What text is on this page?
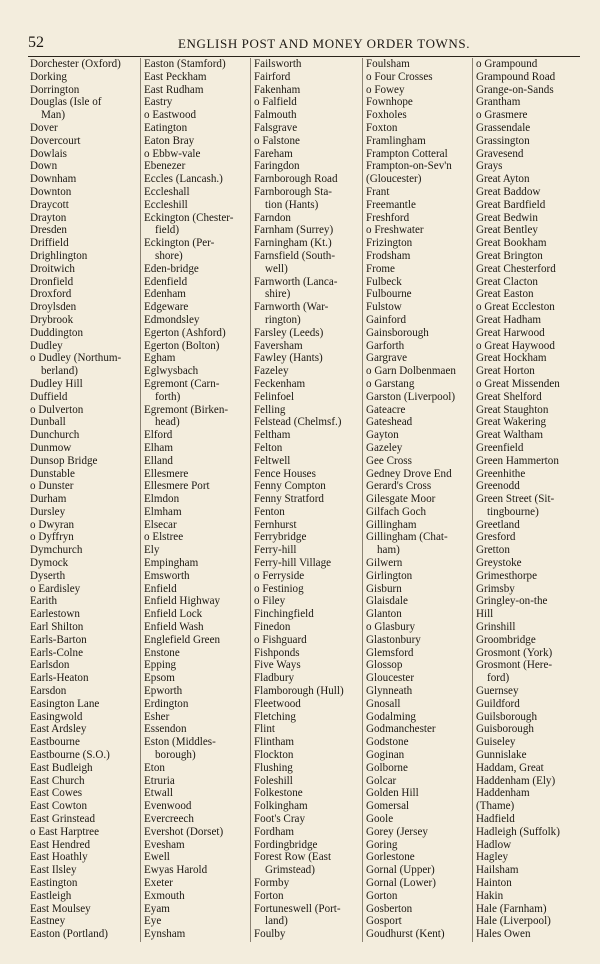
52	ENGLISH POST AND MONEY ORDER TOWNS.
Dorchester (Oxford)
Dorking
Dorrington
Douglas (Isle of
Man)
Dover
Dovercourt
Dowlais
Down
Downham
Downton
Draycott
Drayton
Dresden
Driffield
Drighlington
Droitwich
Dronfield
Droxford
Droylsden
Drybrook
Duddington
Dudley
o Dudley (Northum-
berland)
Dudley Hill
Duffield
o Dulverton
Dunball
Dunchurch
Dunmow
Dunsop Bridge
Dunstable
o Dunster
Durham
Dursley
o Dwyran
o Dyffryn
Dymchurch
Dymock
Dyserth
o Eardisley
Earith
Earlestown
Earl Shilton
Earls-Barton
Earls-Colne
Earlsdon
Earls-Heaton
Earsdon
Easington Lane
Easingwold
East Ardsley
Eastbourne
Eastbourne (S.O.)
East Budleigh
East Church
East Cowes
East Cowton
East Grinstead
o East Harptree
East Hendred
East Hoathly
East Ilsley
Eastington
Eastleigh
East Moulsey
Eastney
Easton (Portland)
Easton (Stamford)
East Peckham
East Rudham
Eastry
o Eastwood
Eatington
Eaton Bray
o Ebbw-vale
Ebenezer
Eccles (Lancash.)
Eccleshall
Eccleshill
Eckington (Chester-
field)
Eckington (Per-
shore)
Eden-bridge
Edenfield
Edenham
Edgeware
Edmondsley
Egerton (Ashford)
Egerton (Bolton)
Egham
Eglwysbach
Egremont (Carn-
forth)
Egremont (Birken-
head)
Elford
Elham
Elland
Ellesmere
Ellesmere Port
Elmdon
Elmham
Elsecar
o Elstree
Ely
Empingham
Emsworth
Enfield
Enfield Highway
Enfield Lock
Enfield Wash
Englefield Green
Enstone
Epping
Epsom
Epworth
Erdington
Esher
Essendon
Eston (Middles-
borough)
Eton
Etruria
Etwall
Evenwood
Evercreech
Evershot (Dorset)
Evesham
Ewell
Ewyas Harold
Exeter
Exmouth
Eyam
Eye
Eynsham
Failsworth
Fairford
Fakenham
o Falfield
Falmouth
Falsgrave
o Falstone
Fareham
Faringdon
Farnborough Road
Farnborough Sta-
tion (Hants)
Farndon
Farnham (Surrey)
Farningham (Kt.)
Farnsfield (South-
well)
Farnworth (Lanca-
shire)
Farnworth (War-
rington)
Farsley (Leeds)
Faversham
Fawley (Hants)
Fazeley
Feckenham
Felinfoel
Felling
Felstead (Chelmsf.)
Feltham
Felton
Feltwell
Fence Houses
Fenny Compton
Fenny Stratford
Fenton
Fernhurst
Ferrybridge
Ferry-hill
Ferry-hill Village
o Ferryside
o Festiniog
o Filey
Finchingfield
Finedon
o Fishguard
Fishponds
Five Ways
Fladbury
Flamborough (Hull)
Fleetwood
Fletching
Flint
Flintham
Flockton
Flushing
Foleshill
Folkestone
Folkingham
Foot's Cray
Fordham
Fordingbridge
Forest Row (East
Grimstead)
Formby
Forton
Fortuneswell (Port-
land)
Foulby
Foulsham
o Four Crosses
o Fowey
Fownhope
Foxholes
Foxton
Framlingham
Frampton Cotteral
Frampton-on-Sev'n
(Gloucester)
Frant
Freemantle
Freshford
o Freshwater
Frizington
Frodsham
Frome
Fulbeck
Fulbourne
Fulstow
Gainford
Gainsborough
Garforth
Gargrave
o Garn Dolbenmaen
o Garstang
Garston (Liverpool)
Gateacre
Gateshead
Gayton
Gazeley
Gee Cross
Gedney Drove End
Gerard's Cross
Gilesgate Moor
Gilfach Goch
Gillingham
Gillingham (Chat-
ham)
Gilwern
Girlington
Gisburn
Glaisdale
Glanton
o Glasbury
Glastonbury
Glemsford
Glossop
Gloucester
Glynneath
Gnosall
Godalming
Godmanchester
Godstone
Goginan
Golborne
Golcar
Golden Hill
Gomersal
Goole
Gorey (Jersey
Goring
Gorlestone
Gornal (Upper)
Gornal (Lower)
Gorton
Gosberton
Gosport
Goudhurst (Kent)
o Grampound
Grampound Road
Grange-on-Sands
Grantham
o Grasmere
Grassendale
Grassington
Gravesend
Grays
Great Ayton
Great Baddow
Great Bardfield
Great Bedwin
Great Bentley
Great Bookham
Great Brington
Great Chesterford
Great Clacton
Great Easton
o Great Eccleston
Great Hadham
Great Harwood
o Great Haywood
Great Hockham
Great Horton
o Great Missenden
Great Shelford
Great Staughton
Great Wakering
Great Waltham
Greenfield
Green Hammerton
Greenhithe
Greenodd
Green Street (Sit-
tingbourne)
Greetland
Gresford
Gretton
Greystoke
Grimesthorpe
Grimsby
Gringley-on-the
Hill
Grinshill
Groombridge
Grosmont (York)
Grosmont (Here-
ford)
Guernsey
Guildford
Guilsborough
Guisborough
Guiseley
Gunnislake
Haddam, Great
Haddenham (Ely)
Haddenham
(Thame)
Hadfield
Hadleigh (Suffolk)
Hadlow
Hagley
Hailsham
Hainton
Hakin
Hale (Farnham)
Hale (Liverpool)
Hales Owen
